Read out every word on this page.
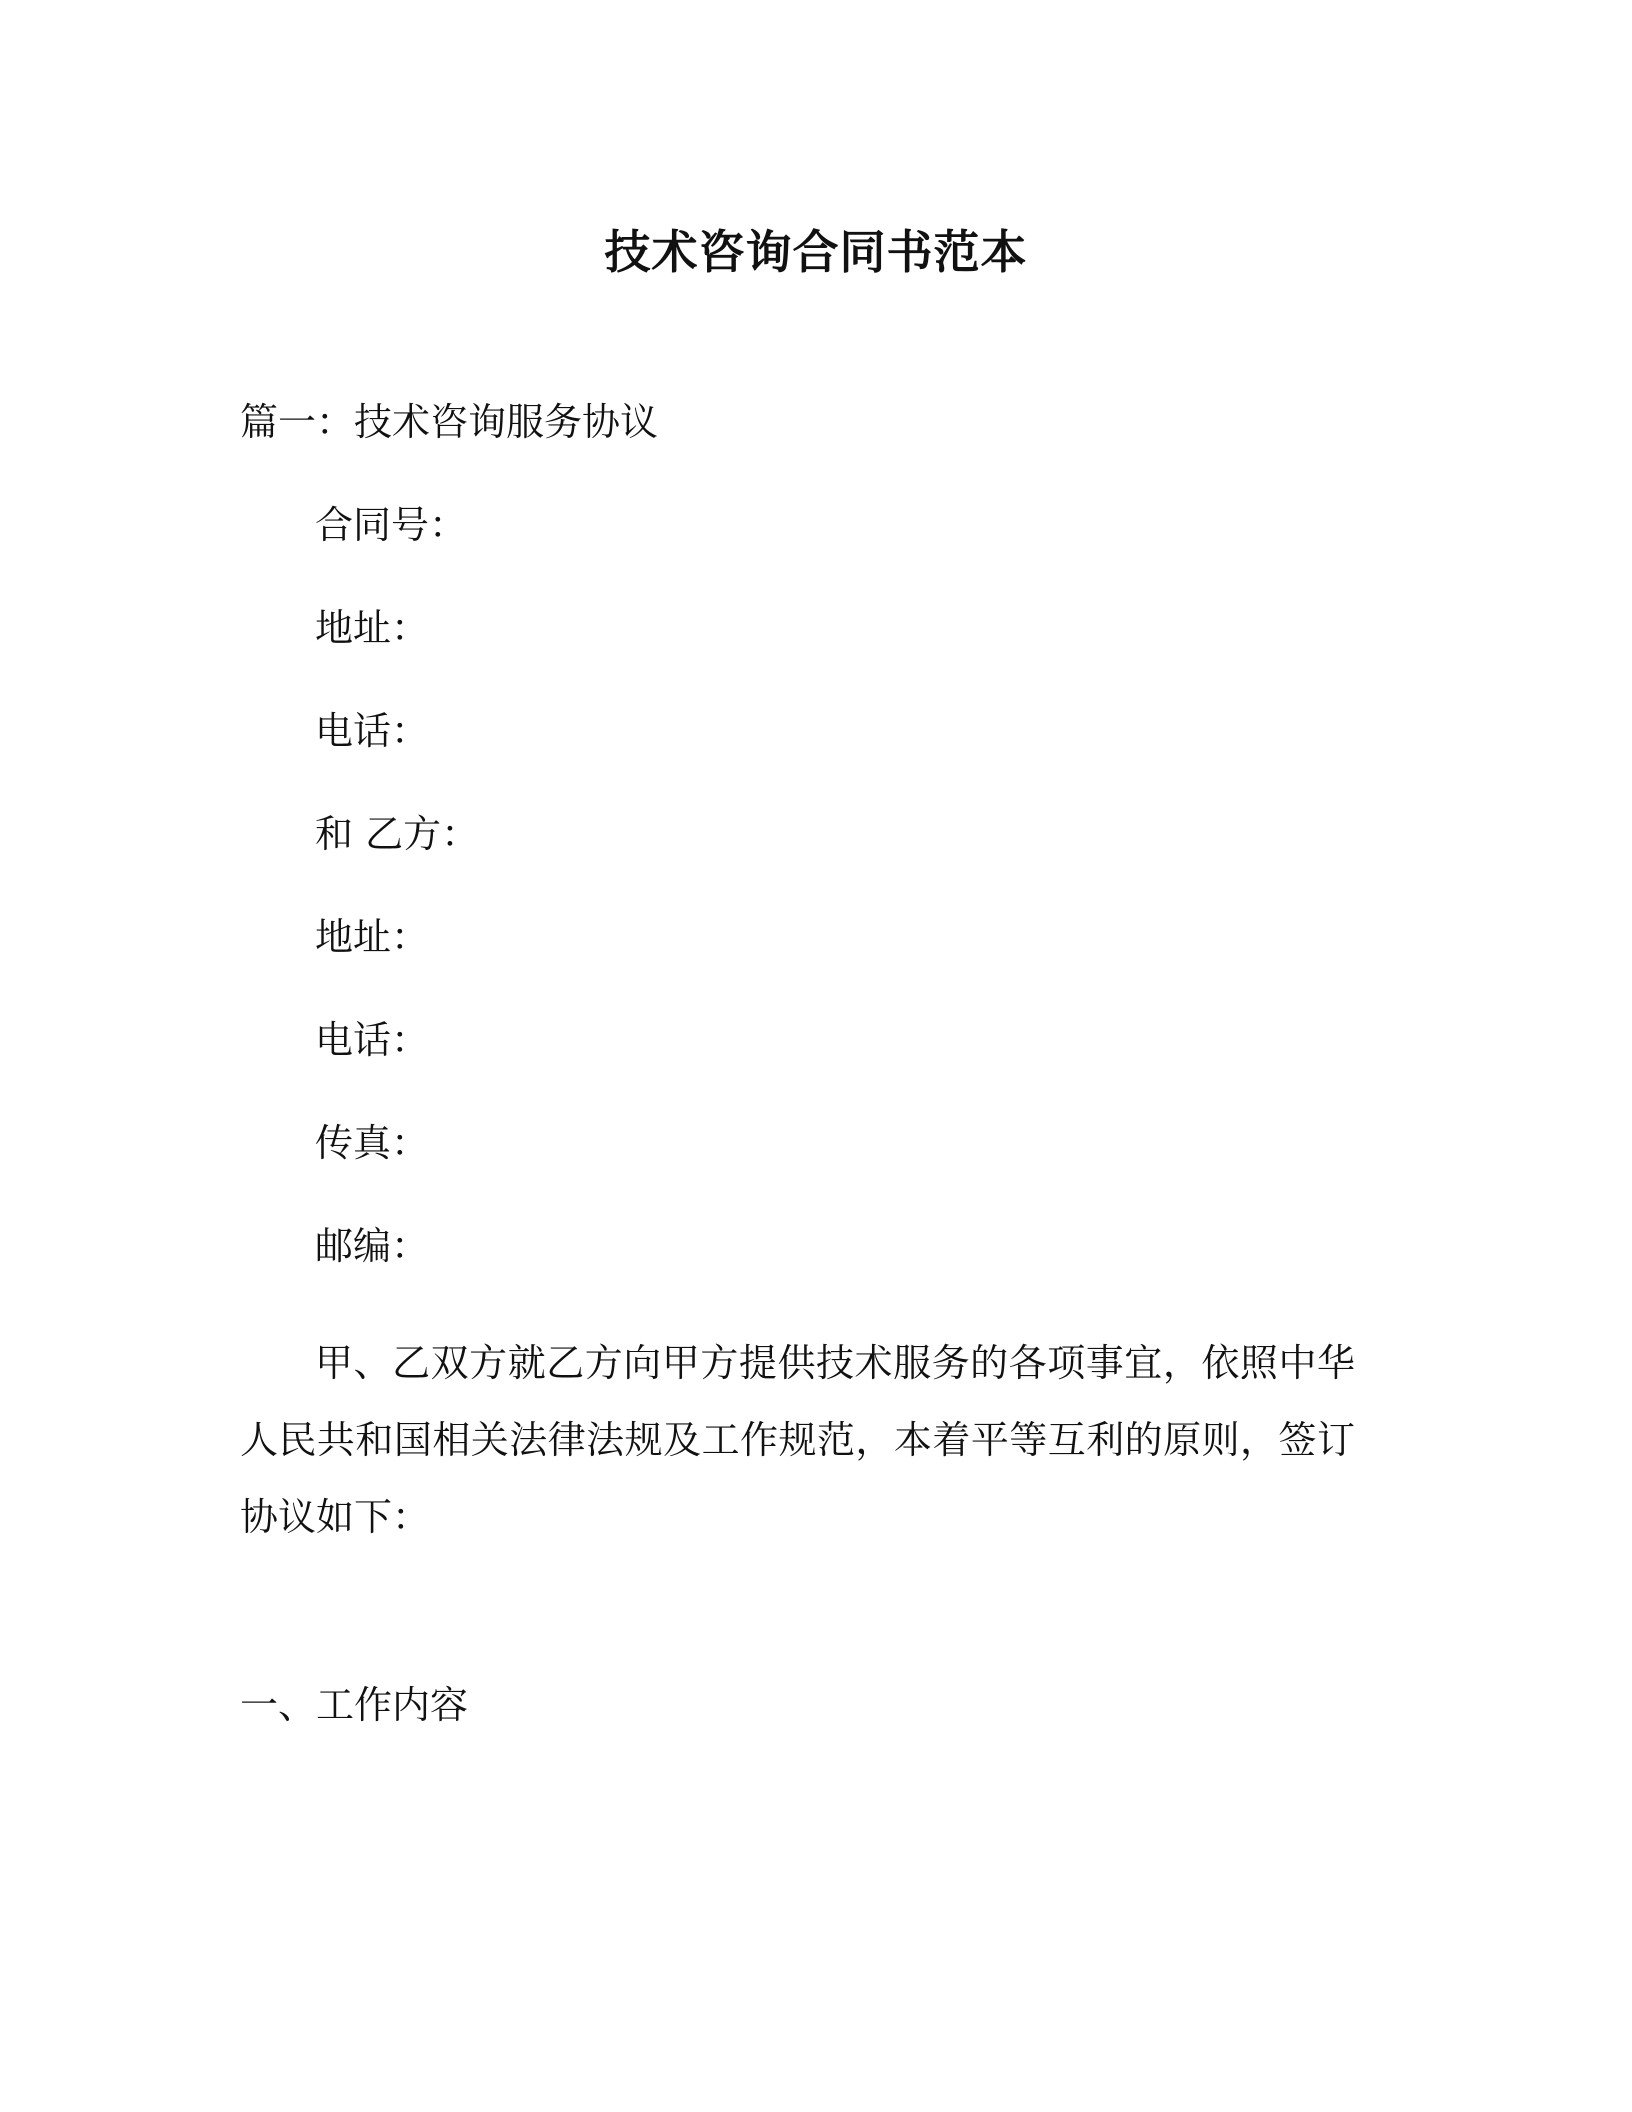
技术咨询合同书范本
篇一：技术咨询服务协议
合同号：
地址：
电话：
和 乙方：
地址：
电话：
传真：
邮编：
甲、乙双方就乙方向甲方提供技术服务的各项事宜，依照中华人民共和国相关法律法规及工作规范，本着平等互利的原则，签订协议如下：
一、工作内容
